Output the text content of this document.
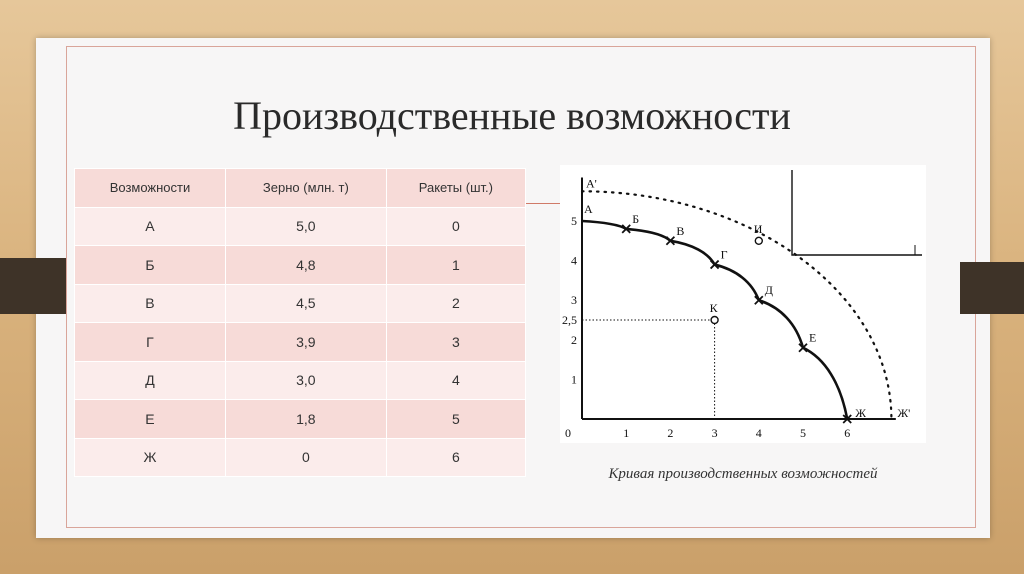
Производственные возможности
Возможности	Зерно (млн. т)	Ракеты (шт.)
А	5,0	0
Б	4,8	1
В	4,5	2
Г	3,9	3
Д	3,0	4
Е	1,8	5
Ж	0	6
0	1	2	3	4	5	6
1
2
2,5
3
4
5
А
Б
В
Г
Д
Е
Ж
А'
Ж'
К
И
Кривая производственных возможностей
